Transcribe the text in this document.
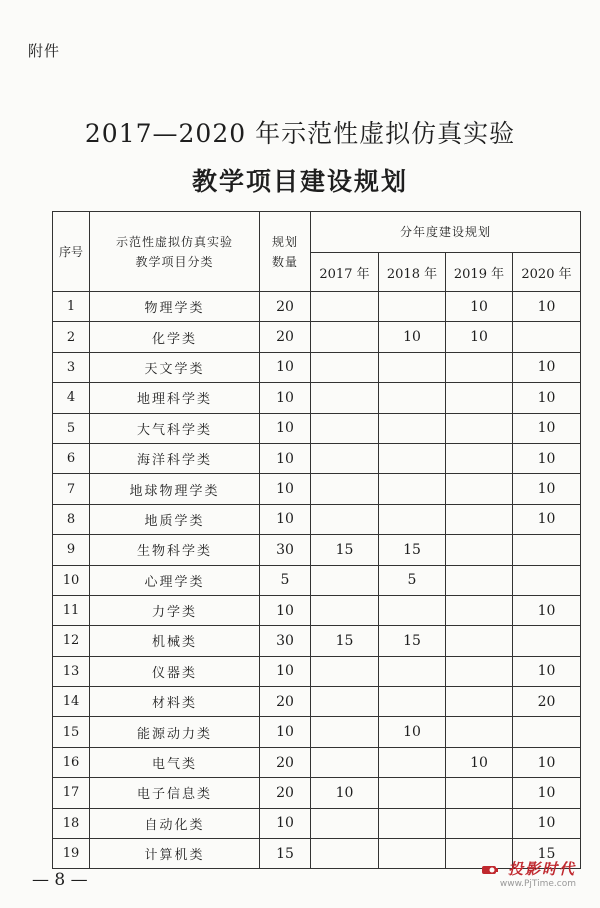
附件
2017—2020 年示范性虚拟仿真实验
教学项目建设规划
序号	示范性虚拟仿真实验教学项目分类	规划数量	分年度建设规划			
			2017 年	2018 年	2019 年	2020 年
1	物理学类	20			10	10
2	化学类	20		10	10	
3	天文学类	10				10
4	地理科学类	10				10
5	大气科学类	10				10
6	海洋科学类	10				10
7	地球物理学类	10				10
8	地质学类	10				10
9	生物科学类	30	15	15		
10	心理学类	5		5		
11	力学类	10				10
12	机械类	30	15	15		
13	仪器类	10				10
14	材料类	20				20
15	能源动力类	10		10		
16	电气类	20			10	10
17	电子信息类	20	10			10
18	自动化类	10				10
19	计算机类	15				15
— 8 —
投影时代
www.PjTime.com
